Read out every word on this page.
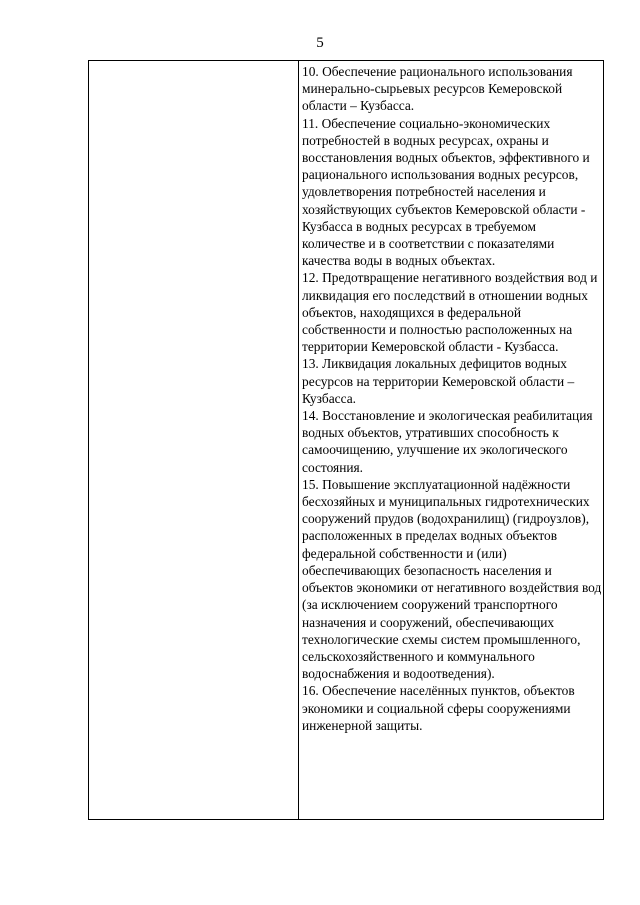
5

10. Обеспечение рационального использования минерально-сырьевых ресурсов Кемеровской области – Кузбасса.

11. Обеспечение социально-экономических потребностей в водных ресурсах, охраны и восстановления водных объектов, эффективного и рационального использования водных ресурсов, удовлетворения потребностей населения и хозяйствующих субъектов Кемеровской области - Кузбасса в водных ресурсах в требуемом количестве и в соответствии с показателями качества воды в водных объектах.

12. Предотвращение негативного воздействия вод и ликвидация его последствий в отношении водных объектов, находящихся в федеральной собственности и полностью расположенных на территории Кемеровской области - Кузбасса.

13. Ликвидация локальных дефицитов водных ресурсов на территории Кемеровской области – Кузбасса.

14. Восстановление и экологическая реабилитация водных объектов, утративших способность к самоочищению, улучшение их экологического состояния.

15. Повышение эксплуатационной надёжности бесхозяйных и муниципальных гидротехнических сооружений прудов (водохранилищ) (гидроузлов), расположенных в пределах водных объектов федеральной собственности и (или) обеспечивающих безопасность населения и объектов экономики от негативного воздействия вод (за исключением сооружений транспортного назначения и сооружений, обеспечивающих технологические схемы систем промышленного, сельскохозяйственного и коммунального водоснабжения и водоотведения).

16. Обеспечение населённых пунктов, объектов экономики и социальной сферы сооружениями инженерной защиты.
